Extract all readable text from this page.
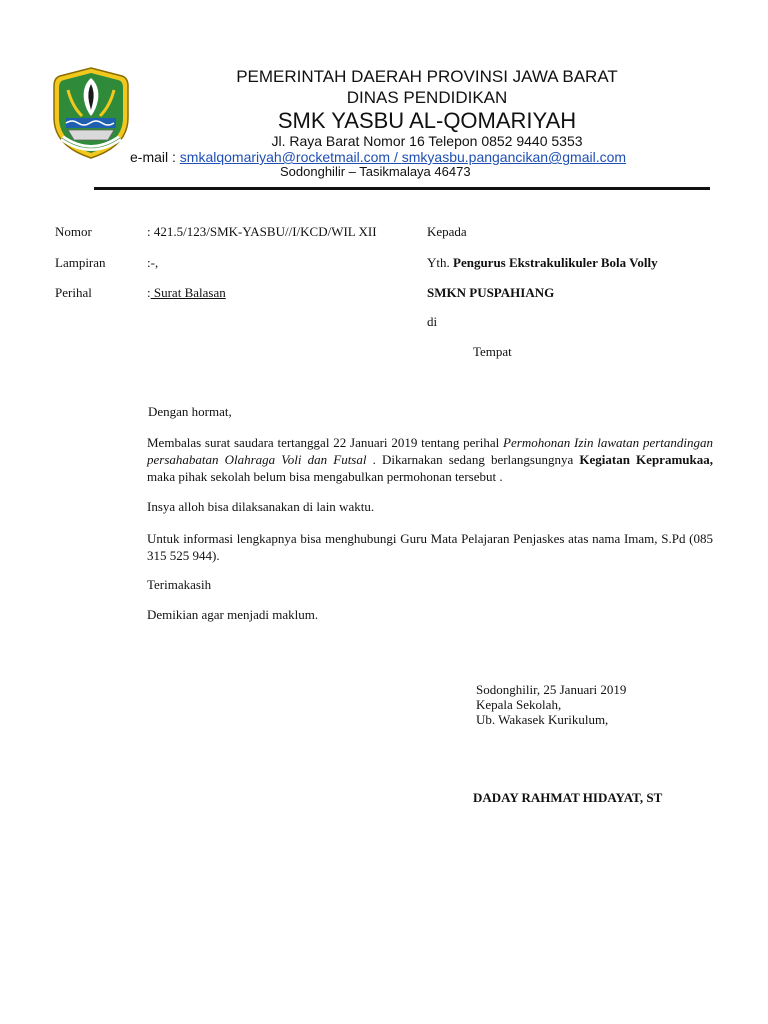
PEMERINTAH DAERAH PROVINSI JAWA BARAT
DINAS PENDIDIKAN
SMK YASBU AL-QOMARIYAH
Jl. Raya Barat Nomor 16 Telepon 0852 9440 5353
e-mail : smkalqomariyah@rocketmail.com / smkyasbu.pangancikan@gmail.com
Sodonghilir – Tasikmalaya 46473
Nomor	: 421.5/123/SMK-YASBU//I/KCD/WIL XII
Lampiran	:-,
Perihal	: Surat Balasan
Kepada
Yth. Pengurus Ekstrakulikuler Bola Volly
SMKN PUSPAHIANG
di
Tempat
Dengan hormat,
Membalas surat saudara tertanggal 22 Januari 2019 tentang perihal Permohonan Izin lawatan pertandingan persahabatan Olahraga Voli dan Futsal . Dikarnakan sedang berlangsungnya Kegiatan Kepramukaa, maka pihak sekolah belum bisa mengabulkan permohonan tersebut .
Insya alloh bisa dilaksanakan di lain waktu.
Untuk informasi lengkapnya bisa menghubungi Guru Mata Pelajaran Penjaskes atas nama Imam, S.Pd (085 315 525 944).
Terimakasih
Demikian agar menjadi maklum.
Sodonghilir, 25 Januari 2019
Kepala Sekolah,
Ub. Wakasek Kurikulum,
DADAY RAHMAT HIDAYAT, ST
